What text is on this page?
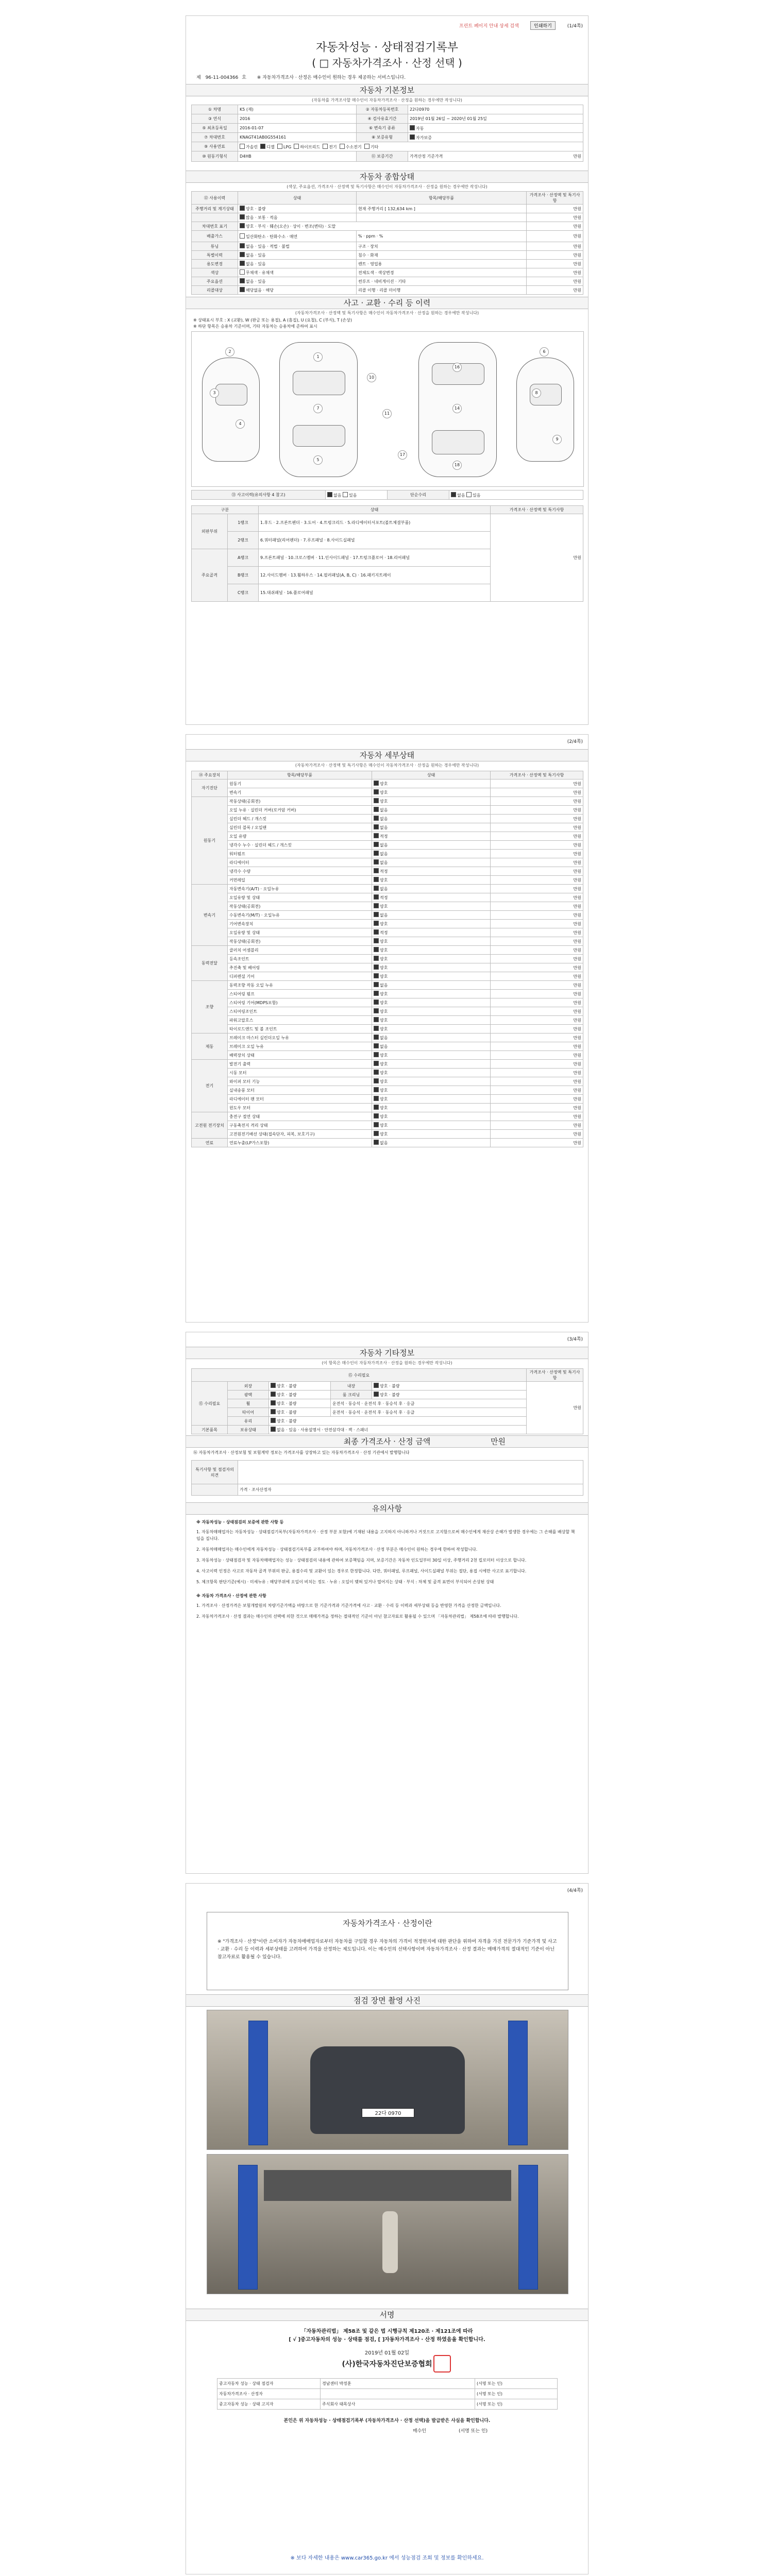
프린트 페이지 안내 상세 검색	인쇄하기	(1/4쪽)
자동차성능 · 상태점검기록부
( □ 자동차가격조사 · 산정 선택 )
제 96-11-004366 호 ※ 자동차가격조사 · 산정은 매수인이 원하는 경우 제공하는 서비스입니다.
자동차 기본정보
(자동차를 가격조사할 매수인이 자동차가격조사 · 산정을 원하는 경우에만 작성니다)
① 차명	K5 (재)	② 자동차등록번호	22다0970
③ 연식	2016	④ 검사유효기간	2019년 01월 26일 ~ 2020년 01월 25일
⑤ 최초등록일	2016-01-07	⑥ 변속기 종류	자동
⑦ 차대번호	KNAGT41AB0G554161	⑧ 보증유형	자가보증
⑨ 사용연료	가솔린 디젤 LPG 하이브리드 전기 수소전기 기타		
⑩ 원동기형식	D4HB	⑪ 보증기간	가격산정 기준가격 만원
자동차 종합상태
(색상, 주요옵션, 가격조사 · 산정액 및 특기사항은 매수인이 자동차가격조사 · 산정을 원하는 경우에만 작성니다)
⑫ 사용이력	상태	항목/해당부품	가격조사 · 산정액 및 특기사항
주행거리 및 계기상태	양호 · 불량	현재 주행거리 [ 132,634 km ]	만원
	많음 · 보통 · 적음		만원
차대번호 표기	양호 · 부식 · 훼손(오손) · 상이 · 변조(변타) · 도말		만원
배출가스	일산화탄소 · 탄화수소 · 매연	% · ppm · %	만원
튜닝	없음 · 있음 · 적법 · 불법	구조 · 장치	만원
특별이력	없음 · 있음	침수 · 화재	만원
용도변경	없음 · 있음	렌트 · 영업용	만원
색상	무채색 · 유채색	전체도색 · 색상변경	만원
주요옵션	없음 · 있음	썬루프 · 네비게이션 · 기타	만원
리콜대상	해당없음 · 해당	리콜 이행 · 리콜 미이행	만원
사고 · 교환 · 수리 등 이력
(자동차가격조사 · 산정액 및 특기사항은 매수인이 자동차가격조사 · 산정을 원하는 경우에만 작성니다)
※ 상태표시 부호 : X (교환), W (판금 또는 용접), A (흠집), U (요철), C (부식), T (손상)
※ 하단 항목은 승용차 기준이며, 기타 자동차는 승용차에 준하여 표시
2
3
4
1
7
5
10
11
17
16
14
18
6
8
9
⑬ 사고이력(유의사항 4 참고)	없음 있음	단순수리	없음 있음
구분		상태	가격조사 · 산정액 및 특기사항
외판부위	1랭크	1.후드 · 2.프론트펜더 · 3.도어 · 4.트렁크리드 · 5.라디에이터서포트(볼트체결부품)	만원
	2랭크	6.쿼터패널(리어펜더) · 7.루프패널 · 8.사이드실패널	
주요골격	A랭크	9.프론트패널 · 10.크로스멤버 · 11.인사이드패널 · 17.트렁크플로어 · 18.리어패널	
	B랭크	12.사이드멤버 · 13.휠하우스 · 14.필러패널(A, B, C) · 16.패키지트레이	
	C랭크	15.대쉬패널 · 16.플로어패널	
(2/4쪽)
자동차 세부상태
(자동차가격조사 · 산정액 및 특기사항은 매수인이 자동차가격조사 · 산정을 원하는 경우에만 작성니다)
⑭ 주요장치	항목/해당부품	상태	가격조사 · 산정액 및 특기사항
자기진단	원동기	양호	만원
	변속기	양호	만원
원동기	작동상태(공회전)	양호	만원
	오일 누유 · 실린더 커버(로커암 커버)	없음	만원
	실린더 헤드 / 개스킷	없음	만원
	실린더 블록 / 오일팬	없음	만원
	오일 유량	적정	만원
	냉각수 누수 · 실린더 헤드 / 개스킷	없음	만원
	워터펌프	없음	만원
	라디에이터	없음	만원
	냉각수 수량	적정	만원
	커먼레일	양호	만원
변속기	자동변속기(A/T) · 오일누유	없음	만원
	오일유량 및 상태	적정	만원
	작동상태(공회전)	양호	만원
	수동변속기(M/T) · 오일누유	없음	만원
	기어변속장치	양호	만원
	오일유량 및 상태	적정	만원
	작동상태(공회전)	양호	만원
동력전달	클러치 어셈블리	양호	만원
	등속조인트	양호	만원
	추진축 및 베어링	양호	만원
	디퍼렌셜 기어	양호	만원
조향	동력조향 작동 오일 누유	없음	만원
	스티어링 펌프	양호	만원
	스티어링 기어(MDPS포함)	양호	만원
	스티어링조인트	양호	만원
	파워고압호스	양호	만원
	타이로드엔드 및 볼 조인트	양호	만원
제동	브레이크 마스터 실린더오일 누유	없음	만원
	브레이크 오일 누유	없음	만원
	배력장치 상태	양호	만원
전기	발전기 출력	양호	만원
	시동 모터	양호	만원
	와이퍼 모터 기능	양호	만원
	실내송풍 모터	양호	만원
	라디에이터 팬 모터	양호	만원
	윈도우 모터	양호	만원
고전원 전기장치	충전구 절연 상태	양호	만원
	구동축전지 격리 상태	양호	만원
	고전원전기배선 상태(접속단자, 피복, 보호기구)	양호	만원
연료	연료누출(LP가스포함)	없음	만원
(3/4쪽)
자동차 기타정보
(이 항목은 매수인이 자동차가격조사 · 산정을 원하는 경우에만 작성니다)
⑮ 수리필요					가격조사 · 산정액 및 특기사항
⑮ 수리필요	외장	양호 · 불량	내장	양호 · 불량	만원
	광택	양호 · 불량	룸 크리닝	양호 · 불량	
	휠	양호 · 불량	운전석 · 동승석 · 운전석 후 · 동승석 후 · 응급		
	타이어	양호 · 불량	운전석 · 동승석 · 운전석 후 · 동승석 후 · 응급		
	유리	양호 · 불량			
기본품목	보유상태	없음 · 있음 · 사용설명서 · 안전삼각대 · 잭 · 스패너			
최종 가격조사 · 산정 금액	만원
⑯ 자동차가격조사 · 산정보험 및 보험계약 정보는 가격조사를 상장하고 있는 자동차가격조사 · 산정 기관에서 발행합니다
특기사항 및 점검자의 의견	
	가격 · 조사산정자
유의사항
※ 자동차성능 · 상태점검의 보증에 관한 사항 등
1. 자동차매매업자는 자동차성능 · 상태점검기록부(자동차가격조사 · 산정 부분 포함)에 기재된 내용을 고지하지 아니하거나 거짓으로 고지함으로써 매수인에게 재산상 손해가 발생한 경우에는 그 손해를 배상할 책임을 집니다.
2. 자동차매매업자는 매수인에게 자동차성능 · 상태점검기록부를 교부하여야 하며, 자동차가격조사 · 산정 부분은 매수인이 원하는 경우에 한하여 작성합니다.
3. 자동차성능 · 상태점검자 및 자동차매매업자는 성능 · 상태점검의 내용에 관하여 보증책임을 지며, 보증기간은 자동차 인도일부터 30일 이상, 주행거리 2천 킬로미터 이상으로 합니다.
4. 사고이력 인정은 사고로 자동차 골격 부위의 판금, 용접수리 및 교환이 있는 경우로 한정합니다. 다만, 쿼터패널, 루프패널, 사이드실패널 부위는 절단, 용접 시에만 사고로 표기합니다.
5. 체크항목 판단기준(예시) · 미세누유 : 해당부위에 오일이 비치는 정도 · 누유 : 오일이 맺혀 있거나 떨어지는 상태 · 부식 : 차체 및 골격 표면이 부식되어 손상된 상태
※ 자동차 가격조사 · 산정에 관한 사항
1. 가격조사 · 산정가격은 보험개발원의 차량기준가액을 바탕으로 한 기준가격과 기준가격에 사고 · 교환 · 수리 등 이력과 세부상태 등을 반영한 가격을 산정한 금액입니다.
2. 자동차가격조사 · 산정 결과는 매수인의 선택에 의한 것으로 매매가격을 정하는 절대적인 기준이 아닌 참고자료로 활용될 수 있으며 「자동차관리법」 제58조에 따라 발행합니다.
(4/4쪽)
자동차가격조사 · 산정이란
※ "가격조사 · 산정"이란 소비자가 자동차매매업자로부터 자동차를 구입할 경우 자동차의 가격이 적정한지에 대한 판단을 위하여 자격을 가진 전문가가 기준가격 및 사고 · 교환 · 수리 등 이력과 세부상태를 고려하여 가격을 산정하는 제도입니다. 이는 매수인의 선택사항이며 자동차가격조사 · 산정 결과는 매매가격의 절대적인 기준이 아닌 참고자료로 활용될 수 있습니다.
점검 장면 촬영 사진
22다 0970
서명
「자동차관리법」 제58조 및 같은 법 시행규칙 제120조 · 제121조에 따라
[ √ ]중고자동차의 성능 · 상태를 점검, [ ]자동차가격조사 · 산정 하였음을 확인합니다.
2019년 01월 02일
(사)한국자동차진단보증협회
중고자동차 성능 · 상태 점검자	경남센터 박정훈	(서명 또는 인)
자동차가격조사 · 산정자		(서명 또는 인)
중고자동차 성능 · 상태 고지자	주식회사 태목상사	(서명 또는 인)
본인은 위 자동차성능 · 상태점검기록부 (자동차가격조사 · 산정 선택)을 발급받은 사실을 확인합니다.
매수인	(서명 또는 인)
※ 보다 자세한 내용은 www.car365.go.kr 에서 성능점검 조회 및 정보를 확인하세요.
